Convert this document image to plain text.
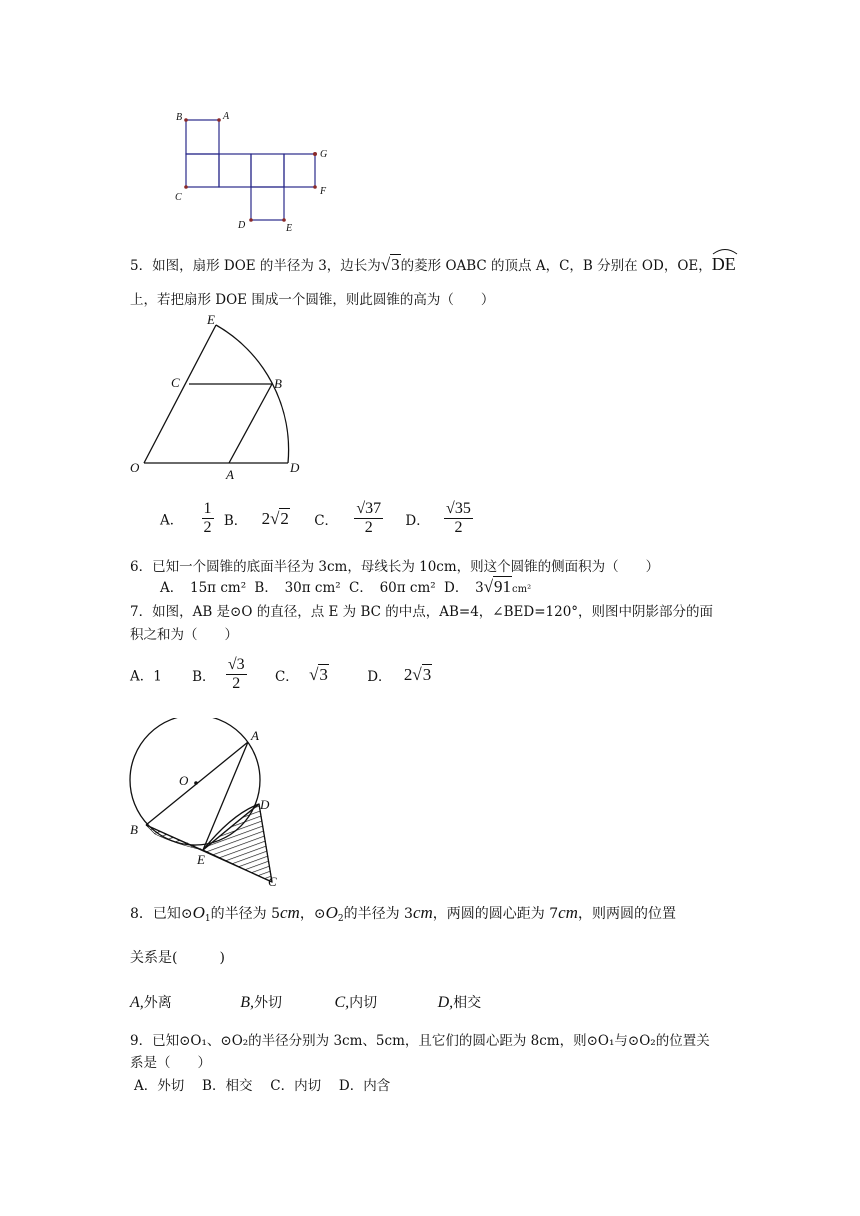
B	A
C
G
F
D	E
5．如图，扇形 DOE 的半径为 3，边长为√3的菱形 OABC 的顶点 A，C，B 分别在 OD，OE，
DE
上，若把扇形 DOE 围成一个圆锥，则此圆锥的高为（　　）
E
C	B
O	A	D
A． $\frac{1}{2}$ B． 2√2 C． $\frac{√37}{2}$ D． $\frac{√35}{2}$
6．已知一个圆锥的底面半径为 3cm，母线长为 10cm，则这个圆锥的侧面积为（　　）
A．　15π cm² B．　30π cm² C．　60π cm² D．　3√91cm²
7．如图，AB 是⊙O 的直径，点 E 为 BC 的中点，AB=4，∠BED=120°，则图中阴影部分的面
积之和为（　　）
A．1 B． $\frac{√3}{2}$ C． √3	D． 2√3
A
O
D
B
E
C
8．已知$⊙O_1$的半径为 5cm，$⊙O_2$的半径为 3cm，两圆的圆心距为 7cm，则两圆的位置
关系是(　　　)
A,外离	B,外切	C,内切	D,相交
9．已知⊙O₁、⊙O₂的半径分别为 3cm、5cm，且它们的圆心距为 8cm，则⊙O₁与⊙O₂的位置关
系是（　　）
A．外切　 B．相交　 C．内切　 D．内含
